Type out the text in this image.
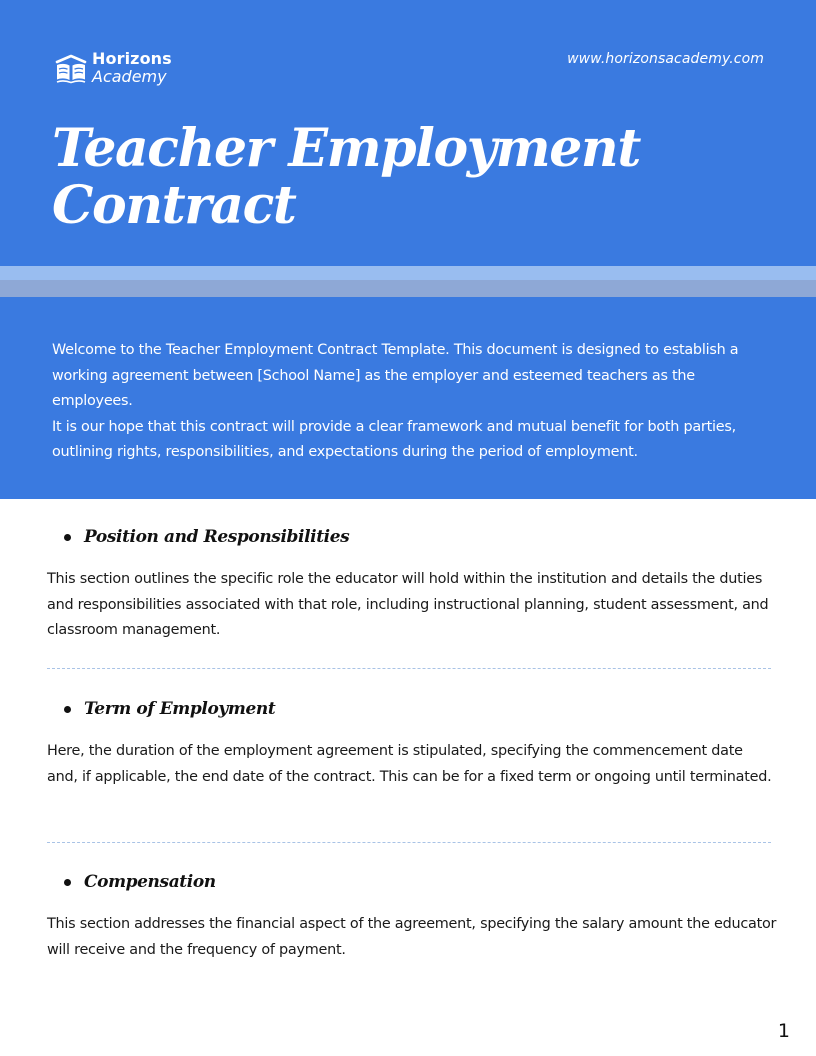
Horizons
Academy
www.horizonsacademy.com
Teacher Employment Contract

Welcome to the Teacher Employment Contract Template. This document is designed to establish a working agreement between [School Name] as the employer and esteemed teachers as the employees.
It is our hope that this contract will provide a clear framework and mutual benefit for both parties, outlining rights, responsibilities, and expectations during the period of employment.

Position and Responsibilities

This section outlines the specific role the educator will hold within the institution and details the duties and responsibilities associated with that role, including instructional planning, student assessment, and classroom management.

Term of Employment

Here, the duration of the employment agreement is stipulated, specifying the commencement date and, if applicable, the end date of the contract. This can be for a fixed term or ongoing until terminated.

Compensation

This section addresses the financial aspect of the agreement, specifying the salary amount the educator will receive and the frequency of payment.

1
